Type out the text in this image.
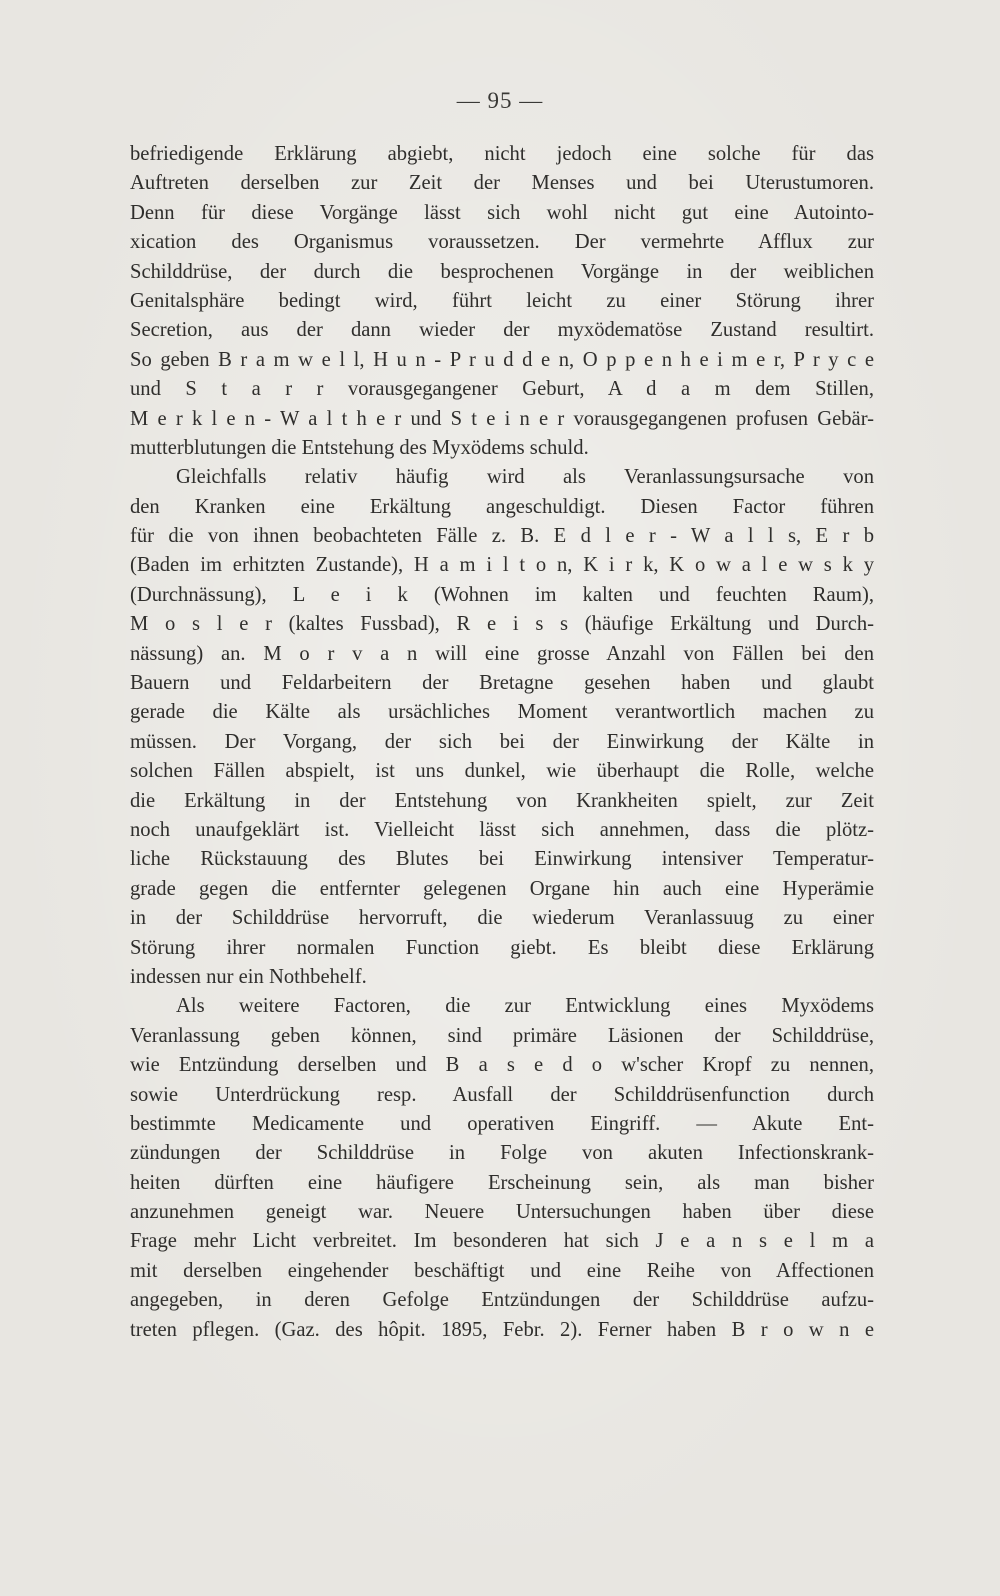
— 95 —
befriedigende Erklärung abgiebt, nicht jedoch eine solche für das
Auftreten derselben zur Zeit der Menses und bei Uterustumoren.
Denn für diese Vorgänge lässt sich wohl nicht gut eine Autointo-
xication des Organismus voraussetzen. Der vermehrte Afflux zur
Schilddrüse, der durch die besprochenen Vorgänge in der weiblichen
Genitalsphäre bedingt wird, führt leicht zu einer Störung ihrer
Secretion, aus der dann wieder der myxödematöse Zustand resultirt.
So geben B r a m w e l l, H u n - P r u d d e n, O p p e n h e i m e r, P r y c e
und S t a r r vorausgegangener Geburt, A d a m dem Stillen,
M e r k l e n - W a l t h e r und S t e i n e r vorausgegangenen profusen Gebär-
mutterblutungen die Entstehung des Myxödems schuld.
Gleichfalls relativ häufig wird als Veranlassungsursache von
den Kranken eine Erkältung angeschuldigt. Diesen Factor führen
für die von ihnen beobachteten Fälle z. B. E d l e r - W a l l s, E r b
(Baden im erhitzten Zustande), H a m i l t o n, K i r k, K o w a l e w s k y
(Durchnässung), L e i k (Wohnen im kalten und feuchten Raum),
M o s l e r (kaltes Fussbad), R e i s s (häufige Erkältung und Durch-
nässung) an. M o r v a n will eine grosse Anzahl von Fällen bei den
Bauern und Feldarbeitern der Bretagne gesehen haben und glaubt
gerade die Kälte als ursächliches Moment verantwortlich machen zu
müssen. Der Vorgang, der sich bei der Einwirkung der Kälte in
solchen Fällen abspielt, ist uns dunkel, wie überhaupt die Rolle, welche
die Erkältung in der Entstehung von Krankheiten spielt, zur Zeit
noch unaufgeklärt ist. Vielleicht lässt sich annehmen, dass die plötz-
liche Rückstauung des Blutes bei Einwirkung intensiver Temperatur-
grade gegen die entfernter gelegenen Organe hin auch eine Hyperämie
in der Schilddrüse hervorruft, die wiederum Veranlassuug zu einer
Störung ihrer normalen Function giebt. Es bleibt diese Erklärung
indessen nur ein Nothbehelf.
Als weitere Factoren, die zur Entwicklung eines Myxödems
Veranlassung geben können, sind primäre Läsionen der Schilddrüse,
wie Entzündung derselben und B a s e d o w'scher Kropf zu nennen,
sowie Unterdrückung resp. Ausfall der Schilddrüsenfunction durch
bestimmte Medicamente und operativen Eingriff. — Akute Ent-
zündungen der Schilddrüse in Folge von akuten Infectionskrank-
heiten dürften eine häufigere Erscheinung sein, als man bisher
anzunehmen geneigt war. Neuere Untersuchungen haben über diese
Frage mehr Licht verbreitet. Im besonderen hat sich J e a n s e l m a
mit derselben eingehender beschäftigt und eine Reihe von Affectionen
angegeben, in deren Gefolge Entzündungen der Schilddrüse aufzu-
treten pflegen. (Gaz. des hôpit. 1895, Febr. 2). Ferner haben B r o w n e
